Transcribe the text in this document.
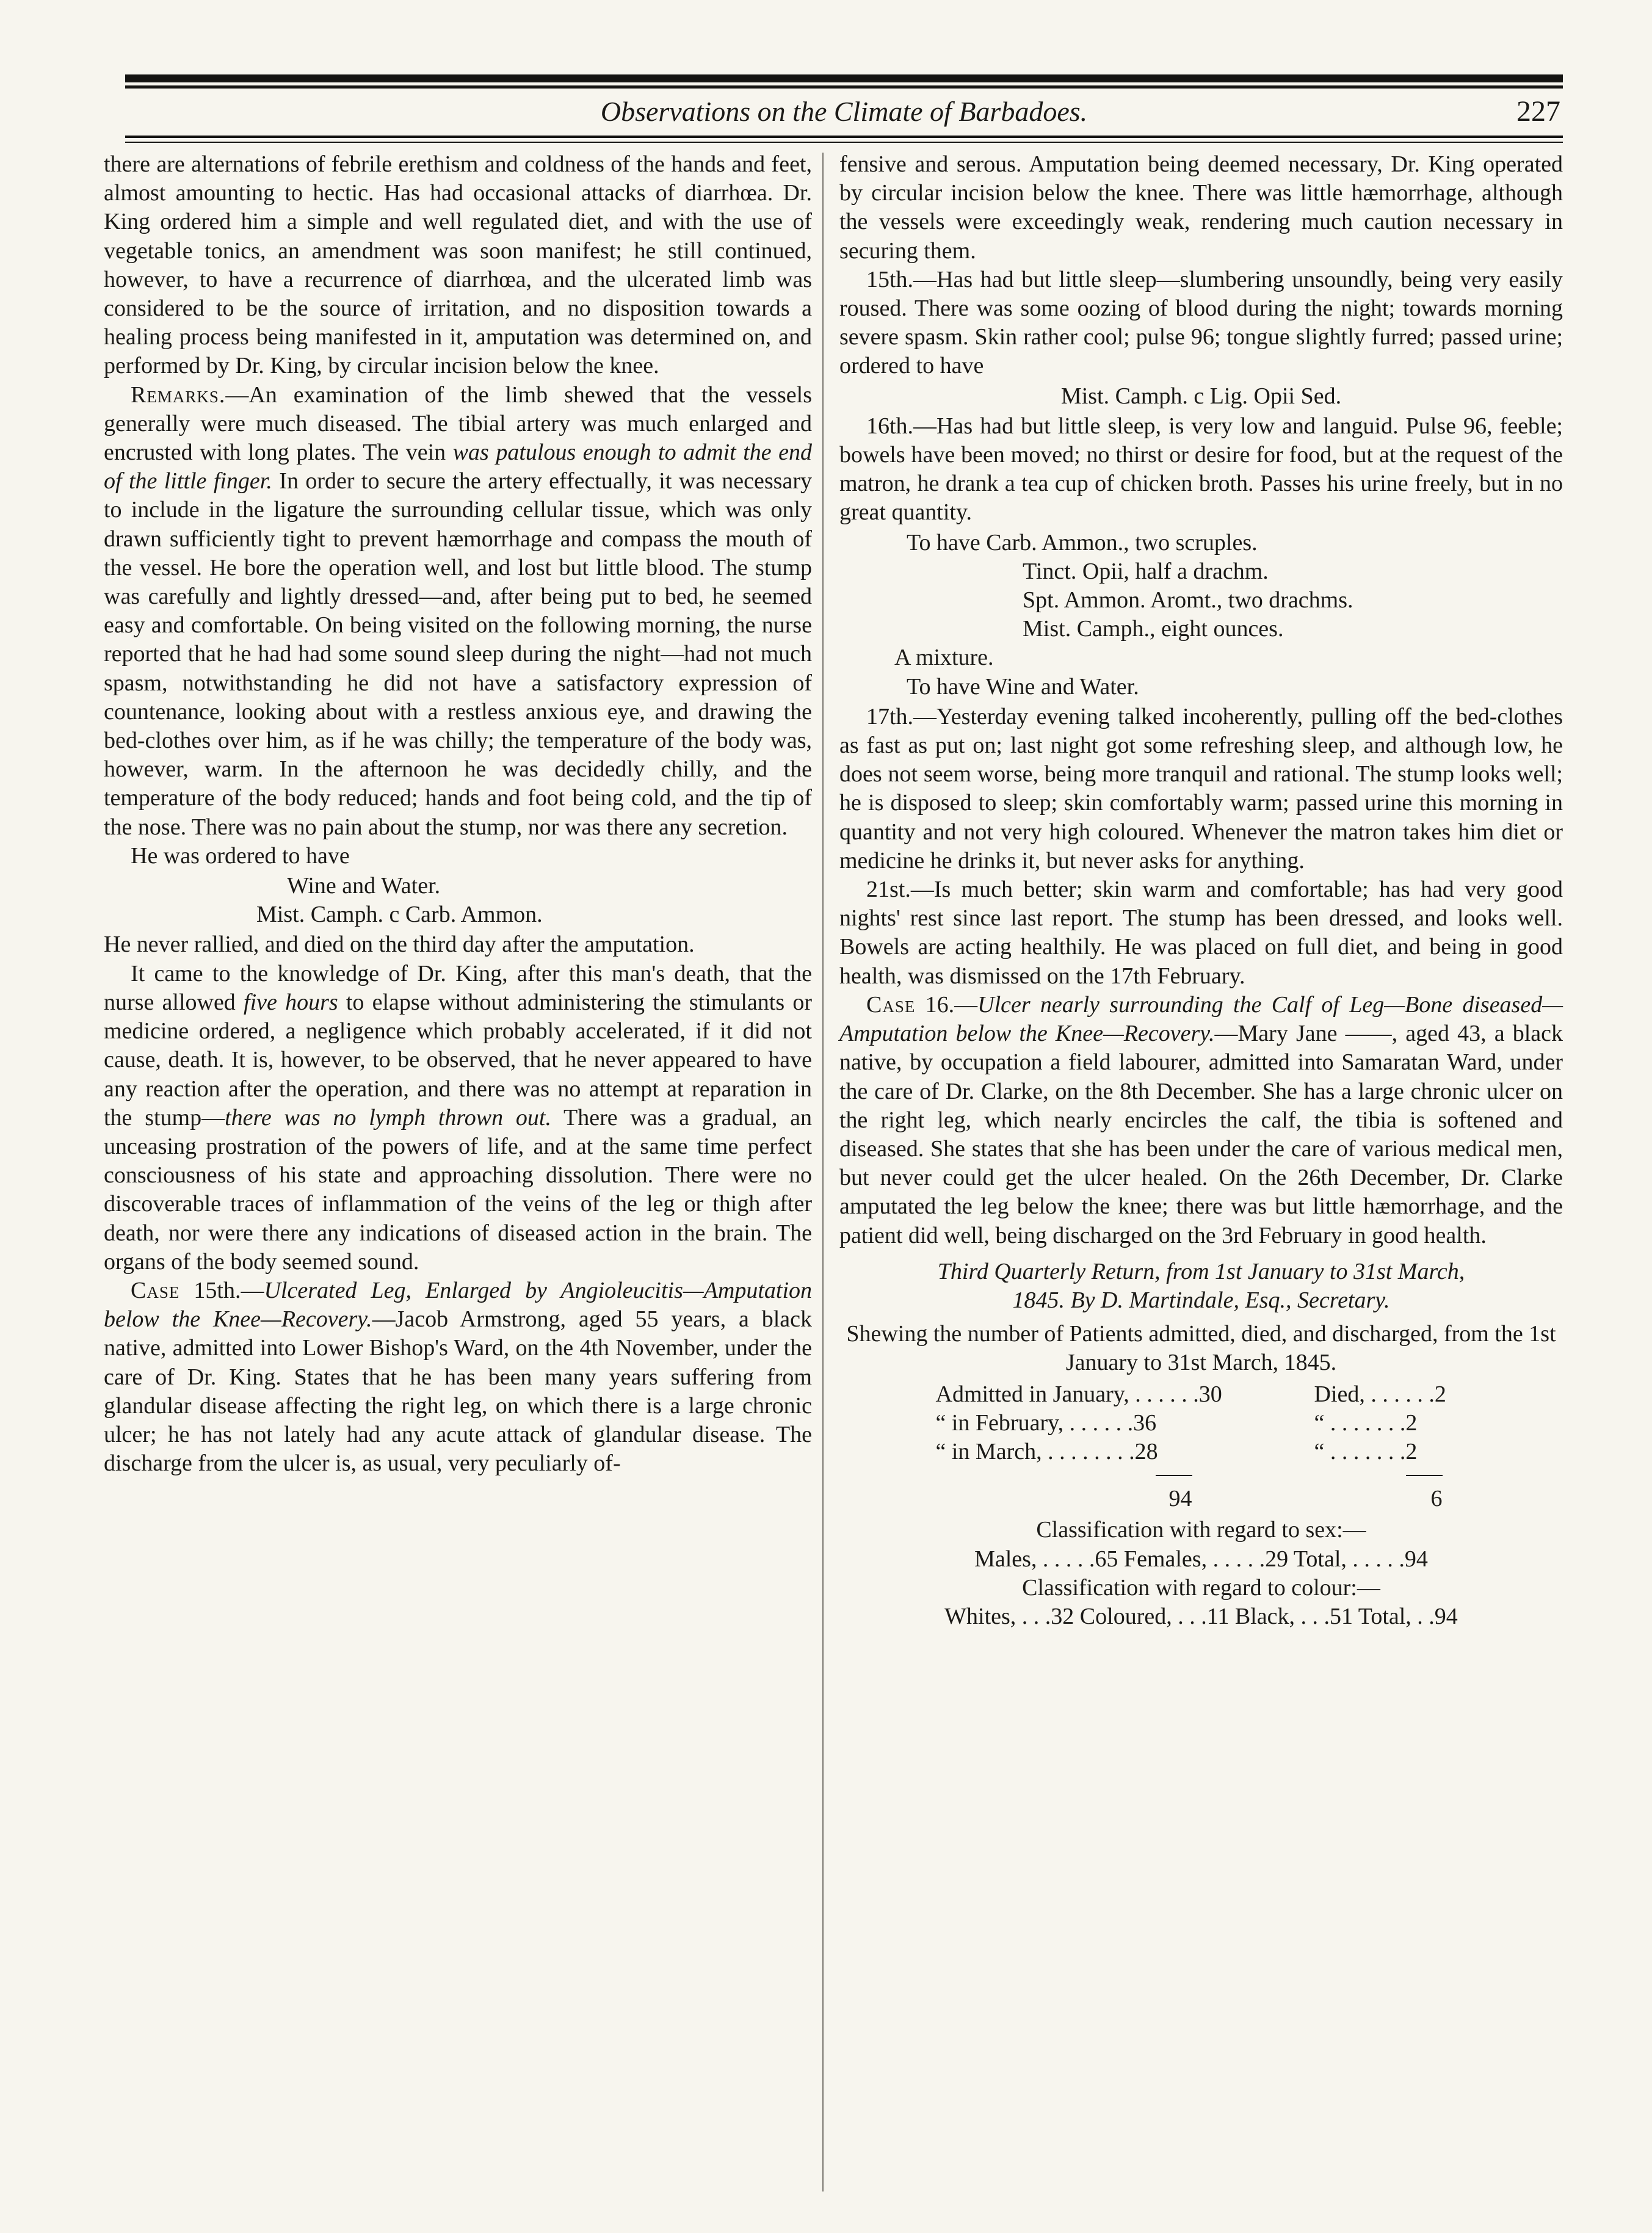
Observations on the Climate of Barbadoes.	227

there are alternations of febrile erethism and coldness of the hands and feet, almost amounting to hectic. Has had occasional attacks of diarrhœa. Dr. King ordered him a simple and well regulated diet, and with the use of vegetable tonics, an amendment was soon manifest; he still continued, however, to have a recurrence of diarrhœa, and the ulcerated limb was considered to be the source of irritation, and no disposition towards a healing process being manifested in it, amputation was determined on, and performed by Dr. King, by circular incision below the knee.

Remarks.—An examination of the limb shewed that the vessels generally were much diseased. The tibial artery was much enlarged and encrusted with long plates. The vein was patulous enough to admit the end of the little finger. In order to secure the artery effectually, it was necessary to include in the ligature the surrounding cellular tissue, which was only drawn sufficiently tight to prevent hæmorrhage and compass the mouth of the vessel. He bore the operation well, and lost but little blood. The stump was carefully and lightly dressed—and, after being put to bed, he seemed easy and comfortable. On being visited on the following morning, the nurse reported that he had had some sound sleep during the night—had not much spasm, notwithstanding he did not have a satisfactory expression of countenance, looking about with a restless anxious eye, and drawing the bed-clothes over him, as if he was chilly; the temperature of the body was, however, warm. In the afternoon he was decidedly chilly, and the temperature of the body reduced; hands and foot being cold, and the tip of the nose. There was no pain about the stump, nor was there any secretion.

He was ordered to have

Wine and Water.
Mist. Camph. c Carb. Ammon.

He never rallied, and died on the third day after the amputation.

It came to the knowledge of Dr. King, after this man's death, that the nurse allowed five hours to elapse without administering the stimulants or medicine ordered, a negligence which probably accelerated, if it did not cause, death. It is, however, to be observed, that he never appeared to have any reaction after the operation, and there was no attempt at reparation in the stump—there was no lymph thrown out. There was a gradual, an unceasing prostration of the powers of life, and at the same time perfect consciousness of his state and approaching dissolution. There were no discoverable traces of inflammation of the veins of the leg or thigh after death, nor were there any indications of diseased action in the brain. The organs of the body seemed sound.

Case 15th.—Ulcerated Leg, Enlarged by Angioleucitis—Amputation below the Knee—Recovery.—Jacob Armstrong, aged 55 years, a black native, admitted into Lower Bishop's Ward, on the 4th November, under the care of Dr. King. States that he has been many years suffering from glandular disease affecting the right leg, on which there is a large chronic ulcer; he has not lately had any acute attack of glandular disease. The discharge from the ulcer is, as usual, very peculiarly of-

fensive and serous. Amputation being deemed necessary, Dr. King operated by circular incision below the knee. There was little hæmorrhage, although the vessels were exceedingly weak, rendering much caution necessary in securing them.

15th.—Has had but little sleep—slumbering unsoundly, being very easily roused. There was some oozing of blood during the night; towards morning severe spasm. Skin rather cool; pulse 96; tongue slightly furred; passed urine; ordered to have

Mist. Camph. c Lig. Opii Sed.

16th.—Has had but little sleep, is very low and languid. Pulse 96, feeble; bowels have been moved; no thirst or desire for food, but at the request of the matron, he drank a tea cup of chicken broth. Passes his urine freely, but in no great quantity.

To have Carb. Ammon., two scruples.
Tinct. Opii, half a drachm.
Spt. Ammon. Aromt., two drachms.
Mist. Camph., eight ounces.
A mixture.
To have Wine and Water.

17th.—Yesterday evening talked incoherently, pulling off the bed-clothes as fast as put on; last night got some refreshing sleep, and although low, he does not seem worse, being more tranquil and rational. The stump looks well; he is disposed to sleep; skin comfortably warm; passed urine this morning in quantity and not very high coloured. Whenever the matron takes him diet or medicine he drinks it, but never asks for anything.

21st.—Is much better; skin warm and comfortable; has had very good nights' rest since last report. The stump has been dressed, and looks well. Bowels are acting healthily. He was placed on full diet, and being in good health, was dismissed on the 17th February.

Case 16.—Ulcer nearly surrounding the Calf of Leg—Bone diseased—Amputation below the Knee—Recovery.—Mary Jane ——, aged 43, a black native, by occupation a field labourer, admitted into Samaratan Ward, under the care of Dr. Clarke, on the 8th December. She has a large chronic ulcer on the right leg, which nearly encircles the calf, the tibia is softened and diseased. She states that she has been under the care of various medical men, but never could get the ulcer healed. On the 26th December, Dr. Clarke amputated the leg below the knee; there was but little hæmorrhage, and the patient did well, being discharged on the 3rd February in good health.

Third Quarterly Return, from 1st January to 31st March,
1845. By D. Martindale, Esq., Secretary.

Shewing the number of Patients admitted, died, and discharged, from the 1st January to 31st March, 1845.

Admitted in January, . . . . . .30	Died, . . . . . .2
“ in February, . . . . . .36	“ . . . . . . .2
“ in March, . . . . . . . .28	“ . . . . . . .2
94	6

Classification with regard to sex:—

Males, . . . . .65 Females, . . . . .29 Total, . . . . .94

Classification with regard to colour:—

Whites, . . .32 Coloured, . . .11 Black, . . .51 Total, . .94
